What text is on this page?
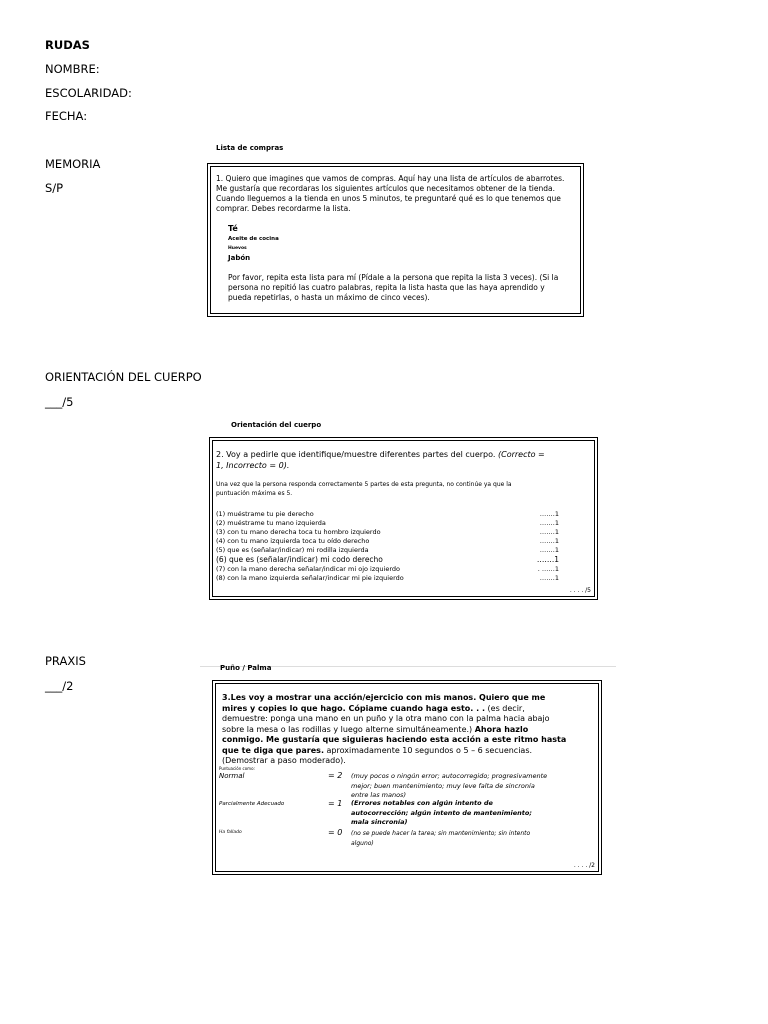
RUDAS
NOMBRE:
ESCOLARIDAD:
FECHA:
MEMORIA
S/P
Lista de compras
1. Quiero que imagines que vamos de compras. Aquí hay una lista de artículos de abarrotes. Me gustaría que recordaras los siguientes artículos que necesitamos obtener de la tienda. Cuando lleguemos a la tienda en unos 5 minutos, te preguntaré qué es lo que tenemos que comprar. Debes recordarme la lista.
Té
Aceite de cocina
Huevos
Jabón
Por favor, repita esta lista para mí (Pídale a la persona que repita la lista 3 veces). (Si la persona no repitió las cuatro palabras, repita la lista hasta que las haya aprendido y pueda repetirlas, o hasta un máximo de cinco veces).
ORIENTACIÓN DEL CUERPO
___/5
Orientación del cuerpo
2. Voy a pedirle que identifique/muestre diferentes partes del cuerpo. (Correcto = 1, Incorrecto = 0).
Una vez que la persona responda correctamente 5 partes de esta pregunta, no continúe ya que la puntuación máxima es 5.
(1) muéstrame tu pie derecho	…….1
(2) muéstrame tu mano izquierda	…….1
(3) con tu mano derecha toca tu hombro izquierdo	…….1
(4) con tu mano izquierda toca tu oído derecho	…….1
(5) que es (señalar/indicar) mi rodilla izquierda	…….1
(6) que es (señalar/indicar) mi codo derecho	…….1
(7) con la mano derecha señalar/indicar mi ojo izquierdo	. ……1
(8) con la mano izquierda señalar/indicar mi pie izquierdo	…….1
. . . . /5
PRAXIS
___/2
Puño / Palma
3.Les voy a mostrar una acción/ejercicio con mis manos. Quiero que me mires y copies lo que hago. Cópiame cuando haga esto. . . (es decir, demuestre: ponga una mano en un puño y la otra mano con la palma hacia abajo sobre la mesa o las rodillas y luego alterne simultáneamente.) Ahora hazlo conmigo. Me gustaría que siguieras haciendo esta acción a este ritmo hasta que te diga que pares. aproximadamente 10 segundos o 5 – 6 secuencias. (Demostrar a paso moderado).
Puntuación como:
Normal	= 2 (muy pocos o ningún error; autocorregido; progresivamente mejor; buen mantenimiento; muy leve falta de sincronía entre las manos)
Parcialmente Adecuado	= 1 (Errores notables con algún intento de autocorrección; algún intento de mantenimiento; mala sincronía)
Ha fallado	= 0 (no se puede hacer la tarea; sin mantenimiento; sin intento alguno)
. . . . /2
